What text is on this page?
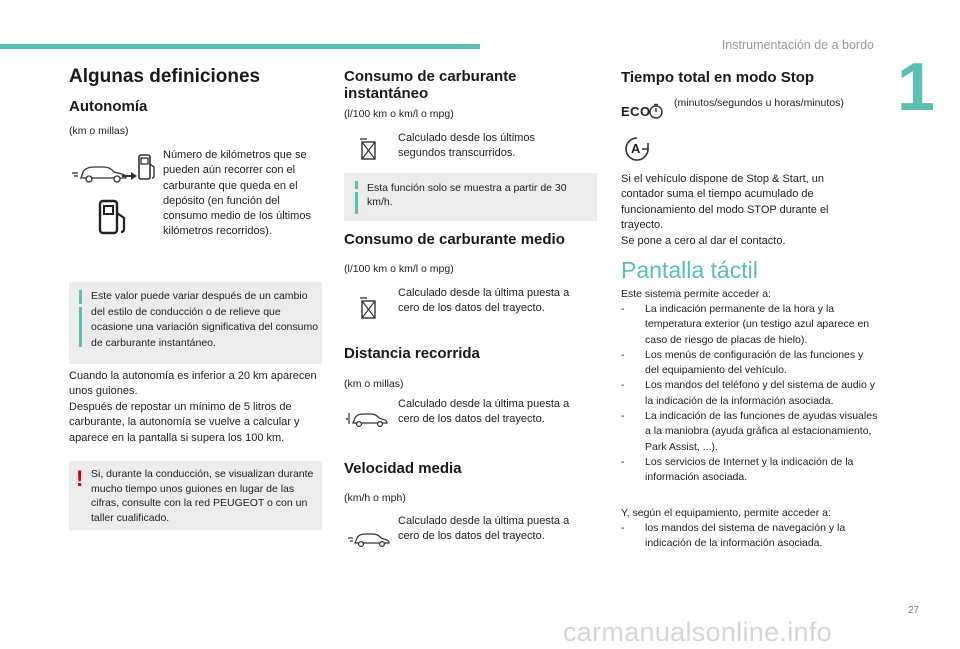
Instrumentación de a bordo
1
Algunas definiciones
Autonomía
(km o millas)
Número de kilómetros que se pueden aún recorrer con el carburante que queda en el depósito (en función del consumo medio de los últimos kilómetros recorridos).
Este valor puede variar después de un cambio del estilo de conducción o de relieve que ocasione una variación significativa del consumo de carburante instantáneo.
Cuando la autonomía es inferior a 20 km aparecen unos guiones.
Después de repostar un mínimo de 5 litros de carburante, la autonomía se vuelve a calcular y aparece en la pantalla si supera los 100 km.
! Si, durante la conducción, se visualizan durante mucho tiempo unos guiones en lugar de las cifras, consulte con la red PEUGEOT o con un taller cualificado.
Consumo de carburante instantáneo
(l/100 km o km/l o mpg)
Calculado desde los últimos segundos transcurridos.
Esta función solo se muestra a partir de 30 km/h.
Consumo de carburante medio
(l/100 km o km/l o mpg)
Calculado desde la última puesta a cero de los datos del trayecto.
Distancia recorrida
(km o millas)
Calculado desde la última puesta a cero de los datos del trayecto.
Velocidad media
(km/h o mph)
Calculado desde la última puesta a cero de los datos del trayecto.
Tiempo total en modo Stop
ECO
(minutos/segundos u horas/minutos)
A
Si el vehículo dispone de Stop & Start, un contador suma el tiempo acumulado de funcionamiento del modo STOP durante el trayecto.
Se pone a cero al dar el contacto.
Pantalla táctil
Este sistema permite acceder a:
- La indicación permanente de la hora y la temperatura exterior (un testigo azul aparece en caso de riesgo de placas de hielo).
- Los menús de configuración de las funciones y del equipamiento del vehículo.
- Los mandos del teléfono y del sistema de audio y la indicación de la información asociada.
- La indicación de las funciones de ayudas visuales a la maniobra (ayuda gráfica al estacionamiento, Park Assist, ...).
- Los servicios de Internet y la indicación de la información asociada.
Y, según el equipamiento, permite acceder a:
- los mandos del sistema de navegación y la indicación de la información asociada.
27
carmanualsonline.info
